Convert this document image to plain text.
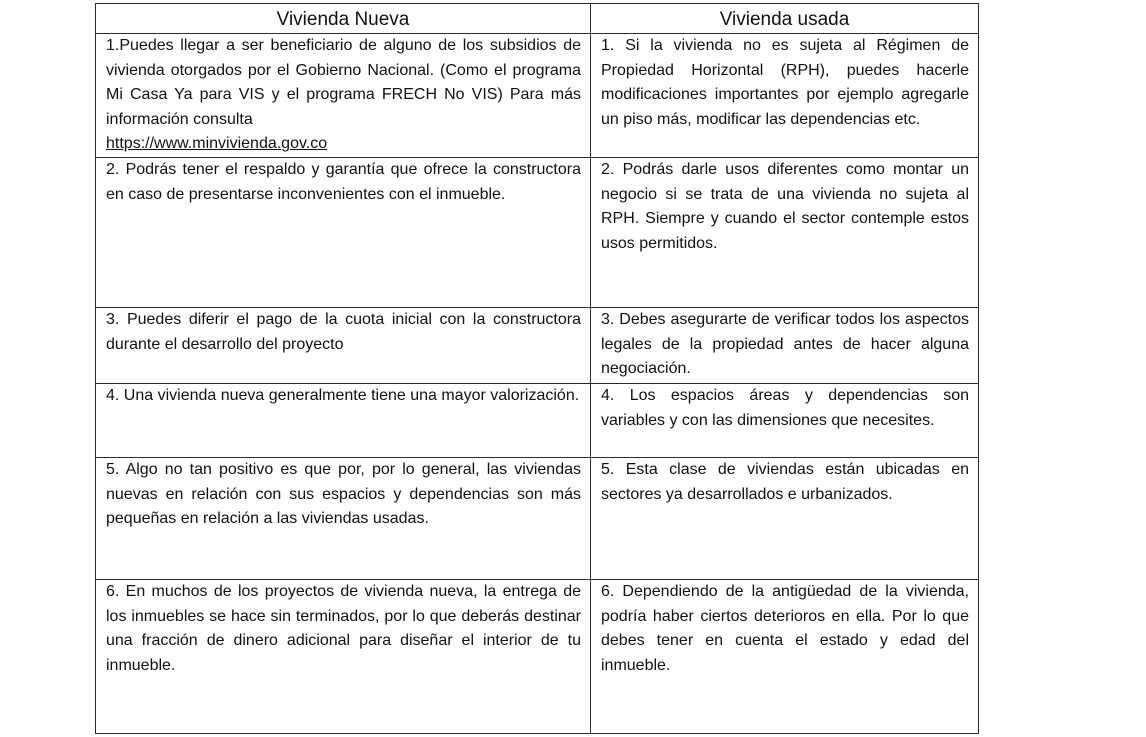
Vivienda Nueva	Vivienda usada

1.Puedes llegar a ser beneficiario de alguno de los subsidios de vivienda otorgados por el Gobierno Nacional. (Como el programa Mi Casa Ya para VIS y el programa FRECH No VIS) Para más información consulta
https://www.minvivienda.gov.co	1. Si la vivienda no es sujeta al Régimen de Propiedad Horizontal (RPH), puedes hacerle modificaciones importantes por ejemplo agregarle un piso más, modificar las dependencias etc.

2. Podrás tener el respaldo y garantía que ofrece la constructora en caso de presentarse inconvenientes con el inmueble.	2. Podrás darle usos diferentes como montar un negocio si se trata de una vivienda no sujeta al RPH. Siempre y cuando el sector contemple estos usos permitidos.

3. Puedes diferir el pago de la cuota inicial con la constructora durante el desarrollo del proyecto	3. Debes asegurarte de verificar todos los aspectos legales de la propiedad antes de hacer alguna negociación.

4. Una vivienda nueva generalmente tiene una mayor valorización.	4. Los espacios áreas y dependencias son variables y con las dimensiones que necesites.

5. Algo no tan positivo es que por, por lo general, las viviendas nuevas en relación con sus espacios y dependencias son más pequeñas en relación a las viviendas usadas.	5. Esta clase de viviendas están ubicadas en sectores ya desarrollados e urbanizados.

6. En muchos de los proyectos de vivienda nueva, la entrega de los inmuebles se hace sin terminados, por lo que deberás destinar una fracción de dinero adicional para diseñar el interior de tu inmueble.	6. Dependiendo de la antigüedad de la vivienda, podría haber ciertos deterioros en ella. Por lo que debes tener en cuenta el estado y edad del inmueble.
